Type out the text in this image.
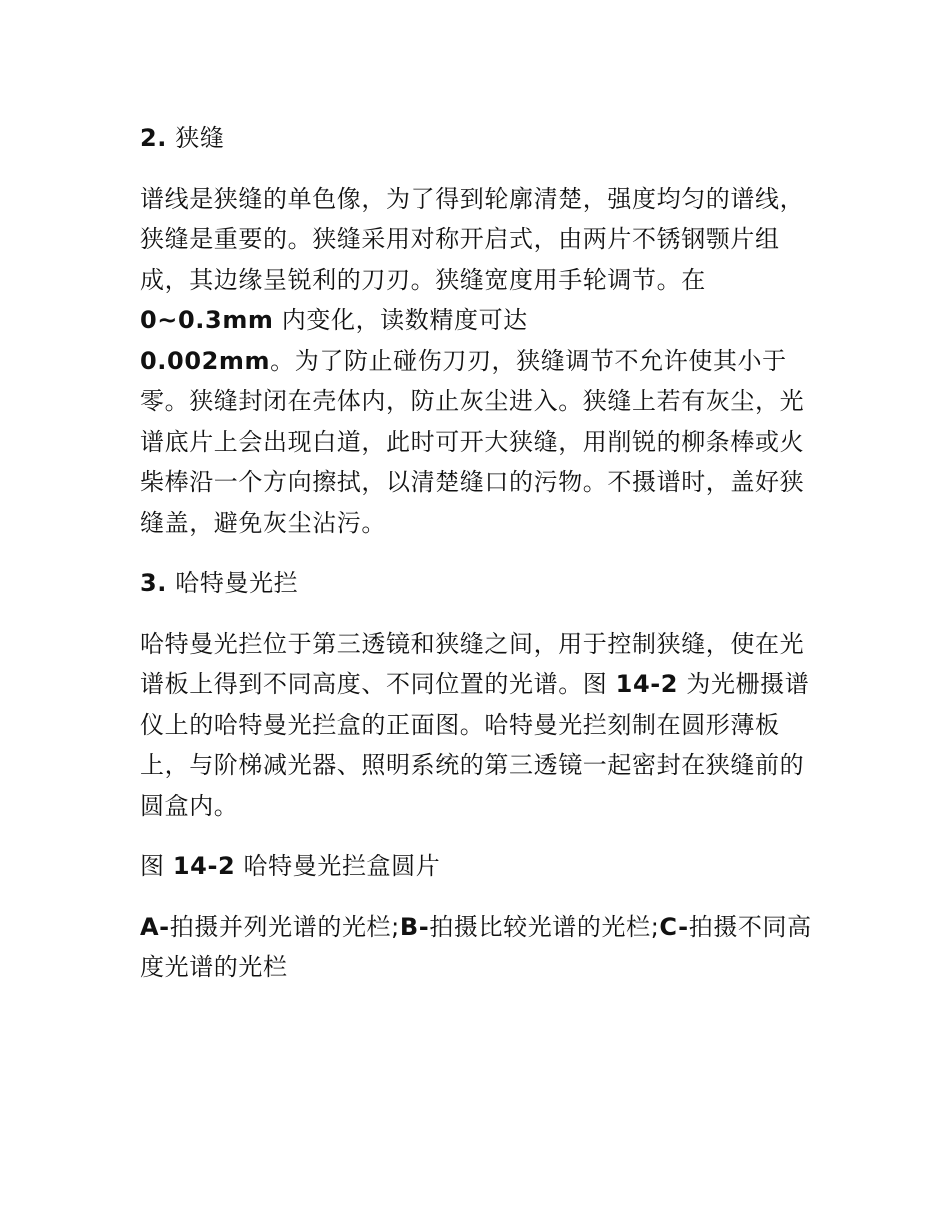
2. 狭缝

谱线是狭缝的单色像，为了得到轮廓清楚，强度均匀的谱线，狭缝是重要的。狭缝采用对称开启式，由两片不锈钢颚片组成，其边缘呈锐利的刀刃。狭缝宽度用手轮调节。在 0~0.3mm 内变化，读数精度可达
0.002mm。为了防止碰伤刀刃，狭缝调节不允许使其小于零。狭缝封闭在壳体内，防止灰尘进入。狭缝上若有灰尘，光谱底片上会出现白道，此时可开大狭缝，用削锐的柳条棒或火柴棒沿一个方向擦拭，以清楚缝口的污物。不摄谱时，盖好狭缝盖，避免灰尘沾污。

3. 哈特曼光拦

哈特曼光拦位于第三透镜和狭缝之间，用于控制狭缝，使在光谱板上得到不同高度、不同位置的光谱。图 14-2 为光栅摄谱仪上的哈特曼光拦盒的正面图。哈特曼光拦刻制在圆形薄板上，与阶梯减光器、照明系统的第三透镜一起密封在狭缝前的圆盒内。

图 14-2 哈特曼光拦盒圆片

A-拍摄并列光谱的光栏;B-拍摄比较光谱的光栏;C-拍摄不同高度光谱的光栏
